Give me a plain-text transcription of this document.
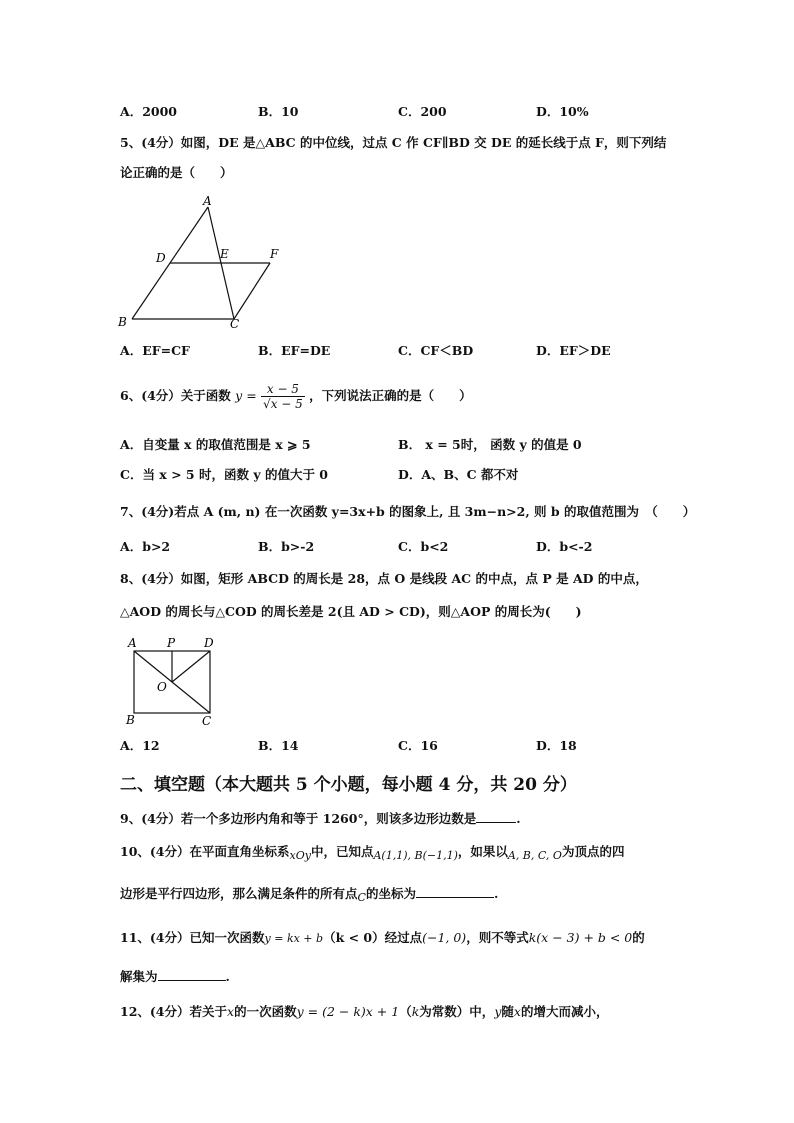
A．2000	B．10	C．200	D．10%
5、(4分）如图，DE 是△ABC 的中位线，过点 C 作 CF∥BD 交 DE 的延长线于点 F，则下列结
论正确的是（　　）
A
D	E	F
B	C
A．EF=CF	B．EF=DE	C．CF＜BD	D．EF＞DE
6、(4分）关于函数 $y = \frac{x - 5}{√x - 5}$ ，下列说法正确的是（　　）
A．自变量 x 的取值范围是 x ⩾ 5	B． x = 5时， 函数 y 的值是 0
C．当 x > 5 时，函数 y 的值大于 0	D．A、B、C 都不对
7、(4分)若点 A (m, n) 在一次函数 y=3x+b 的图象上, 且 3m−n>2, 则 b 的取值范围为　（　　）
A．b>2	B．b>-2	C．b<2	D．b<-2
8、(4分）如图，矩形 ABCD 的周长是 28，点 O 是线段 AC 的中点，点 P 是 AD 的中点，
△AOD 的周长与△COD 的周长差是 2(且 AD > CD)，则△AOP 的周长为(　　)
A	P D
O
B	C
A．12	B．14	C．16	D．18
二、填空题（本大题共 5 个小题，每小题 4 分，共 20 分）
9、(4分）若一个多边形内角和等于 1260°，则该多边形边数是	.
10、(4分）在平面直角坐标系xOy中，已知点A(1,1), B(−1,1)，如果以A, B, C, O为顶点的四
边形是平行四边形，那么满足条件的所有点C的坐标为	.
11、(4分）已知一次函数y = kx + b（k < 0）经过点(−1, 0)，则不等式k(x − 3) + b < 0的
解集为	.
12、(4分）若关于x的一次函数y = (2 − k)x + 1（k为常数）中，y随x的增大而减小，
